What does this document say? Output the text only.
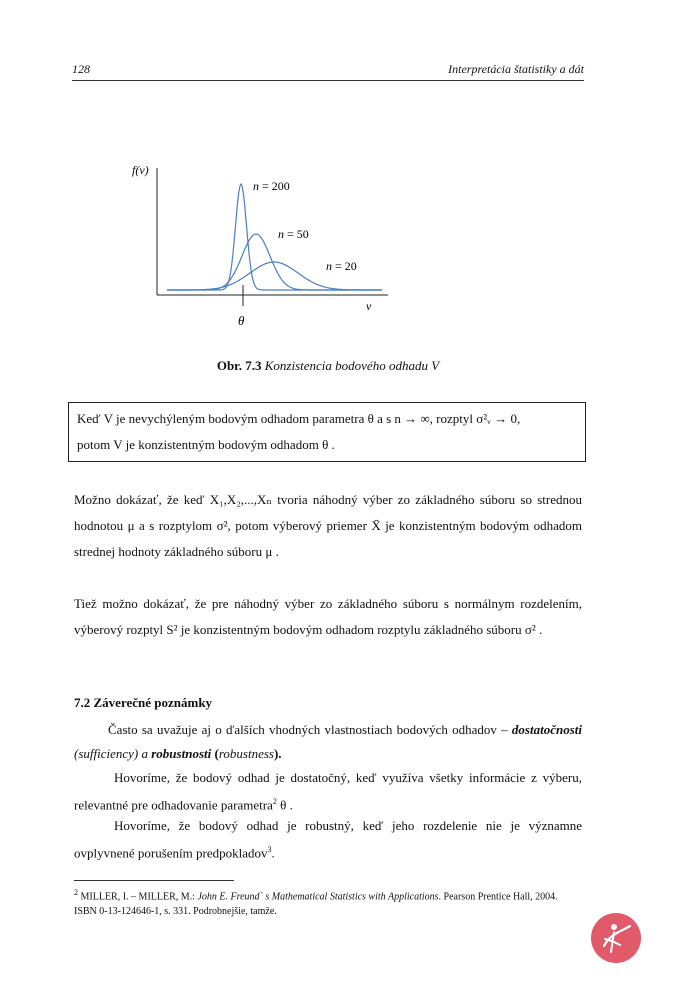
128	Interpretácia štatistiky a dát
f(v)
v
θ
n = 200
n = 50
n = 20
Obr. 7.3 Konzistencia bodového odhadu V
Keď V je nevychýleným bodovým odhadom parametra θ a s n → ∞, rozptyl σ²ᵥ → 0,
potom V je konzistentným bodovým odhadom θ .
Možno dokázať, že keď X₁,X₂,...,Xₙ tvoria náhodný výber zo základného súboru so strednou hodnotou μ a s rozptylom σ², potom výberový priemer X̄ je konzistentným bodovým odhadom strednej hodnoty základného súboru μ .
Tiež možno dokázať, že pre náhodný výber zo základného súboru s normálnym rozdelením, výberový rozptyl S² je konzistentným bodovým odhadom rozptylu základného súboru σ² .
7.2 Záverečné poznámky
Často sa uvažuje aj o ďalších vhodných vlastnostiach bodových odhadov – dostatočnosti (sufficiency) a robustnosti (robustness).
Hovoríme, že bodový odhad je dostatočný, keď využíva všetky informácie z výberu, relevantné pre odhadovanie parametra$^2$ θ .
Hovoríme, že bodový odhad je robustný, keď jeho rozdelenie nie je významne ovplyvnené porušením predpokladov$^3$.
$^2$ MILLER, I. – MILLER, M.: John E. Freund` s Mathematical Statistics with Applications. Pearson Prentice Hall, 2004. ISBN 0-13-124646-1, s. 331. Podrobnejšie, tamže.
